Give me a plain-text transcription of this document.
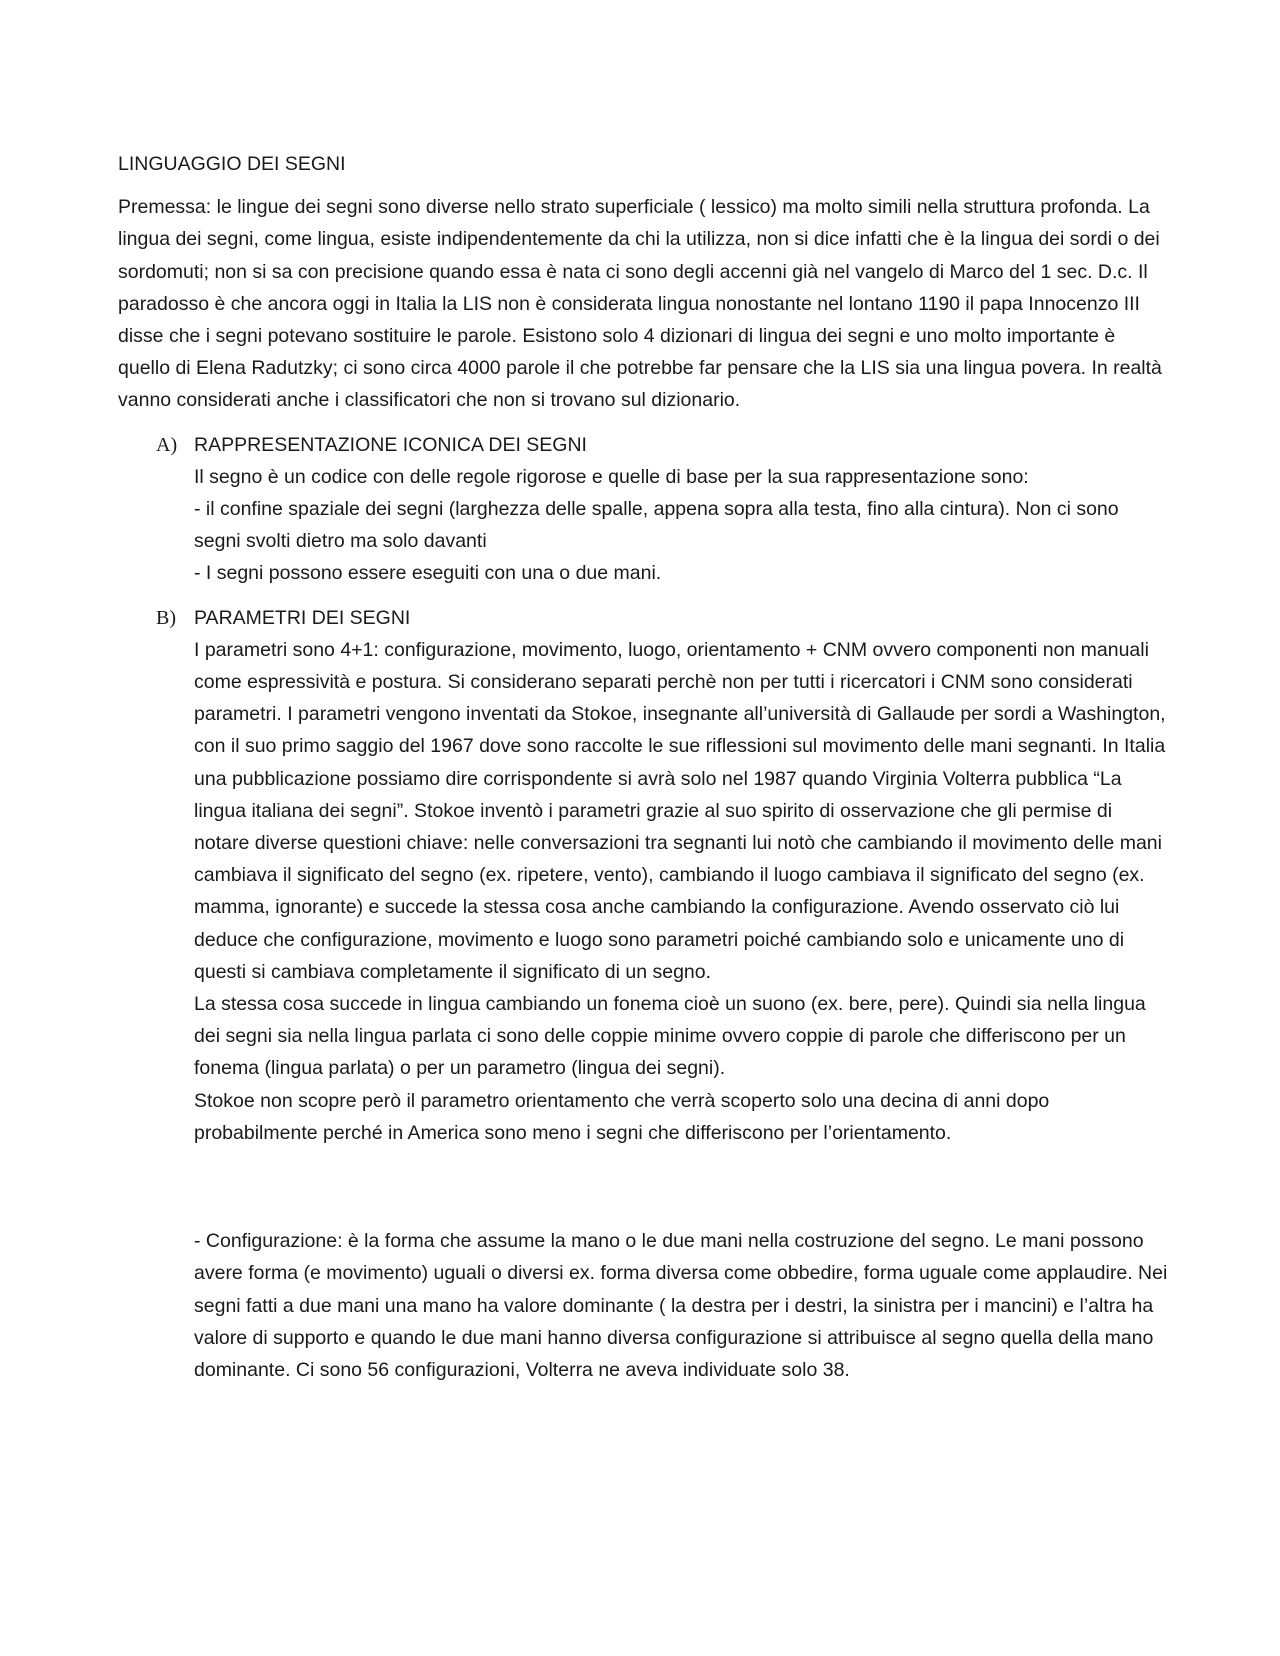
LINGUAGGIO DEI SEGNI

Premessa: le lingue dei segni sono diverse nello strato superficiale ( lessico) ma molto simili nella struttura profonda. La lingua dei segni, come lingua, esiste indipendentemente da chi la utilizza, non si dice infatti che è la lingua dei sordi o dei sordomuti; non si sa con precisione quando essa è nata ci sono degli accenni già nel vangelo di Marco del 1 sec. D.c. Il paradosso è che ancora oggi in Italia la LIS non è considerata lingua nonostante nel lontano 1190 il papa Innocenzo III disse che i segni potevano sostituire le parole. Esistono solo 4 dizionari di lingua dei segni e uno molto importante è quello di Elena Radutzky; ci sono circa 4000 parole il che potrebbe far pensare che la LIS sia una lingua povera. In realtà vanno considerati anche i classificatori che non si trovano sul dizionario.

A) RAPPRESENTAZIONE ICONICA DEI SEGNI
Il segno è un codice con delle regole rigorose e quelle di base per la sua rappresentazione sono:
- il confine spaziale dei segni (larghezza delle spalle, appena sopra alla testa, fino alla cintura). Non ci sono segni svolti dietro ma solo davanti
- I segni possono essere eseguiti con una o due mani.
B) PARAMETRI DEI SEGNI
I parametri sono 4+1: configurazione, movimento, luogo, orientamento + CNM ovvero componenti non manuali come espressività e postura. Si considerano separati perchè non per tutti i ricercatori i CNM sono considerati parametri. I parametri vengono inventati da Stokoe, insegnante all’università di Gallaude per sordi a Washington, con il suo primo saggio del 1967 dove sono raccolte le sue riflessioni sul movimento delle mani segnanti. In Italia una pubblicazione possiamo dire corrispondente si avrà solo nel 1987 quando Virginia Volterra pubblica “La lingua italiana dei segni”. Stokoe inventò i parametri grazie al suo spirito di osservazione che gli permise di notare diverse questioni chiave: nelle conversazioni tra segnanti lui notò che cambiando il movimento delle mani cambiava il significato del segno (ex. ripetere, vento), cambiando il luogo cambiava il significato del segno (ex. mamma, ignorante) e succede la stessa cosa anche cambiando la configurazione. Avendo osservato ciò lui deduce che configurazione, movimento e luogo sono parametri poiché cambiando solo e unicamente uno di questi si cambiava completamente il significato di un segno.
La stessa cosa succede in lingua cambiando un fonema cioè un suono (ex. bere, pere). Quindi sia nella lingua dei segni sia nella lingua parlata ci sono delle coppie minime ovvero coppie di parole che differiscono per un fonema (lingua parlata) o per un parametro (lingua dei segni).
Stokoe non scopre però il parametro orientamento che verrà scoperto solo una decina di anni dopo probabilmente perché in America sono meno i segni che differiscono per l’orientamento.

- Configurazione: è la forma che assume la mano o le due mani nella costruzione del segno. Le mani possono avere forma (e movimento) uguali o diversi ex. forma diversa come obbedire, forma uguale come applaudire. Nei segni fatti a due mani una mano ha valore dominante ( la destra per i destri, la sinistra per i mancini) e l’altra ha valore di supporto e quando le due mani hanno diversa configurazione si attribuisce al segno quella della mano dominante. Ci sono 56 configurazioni, Volterra ne aveva individuate solo 38.
